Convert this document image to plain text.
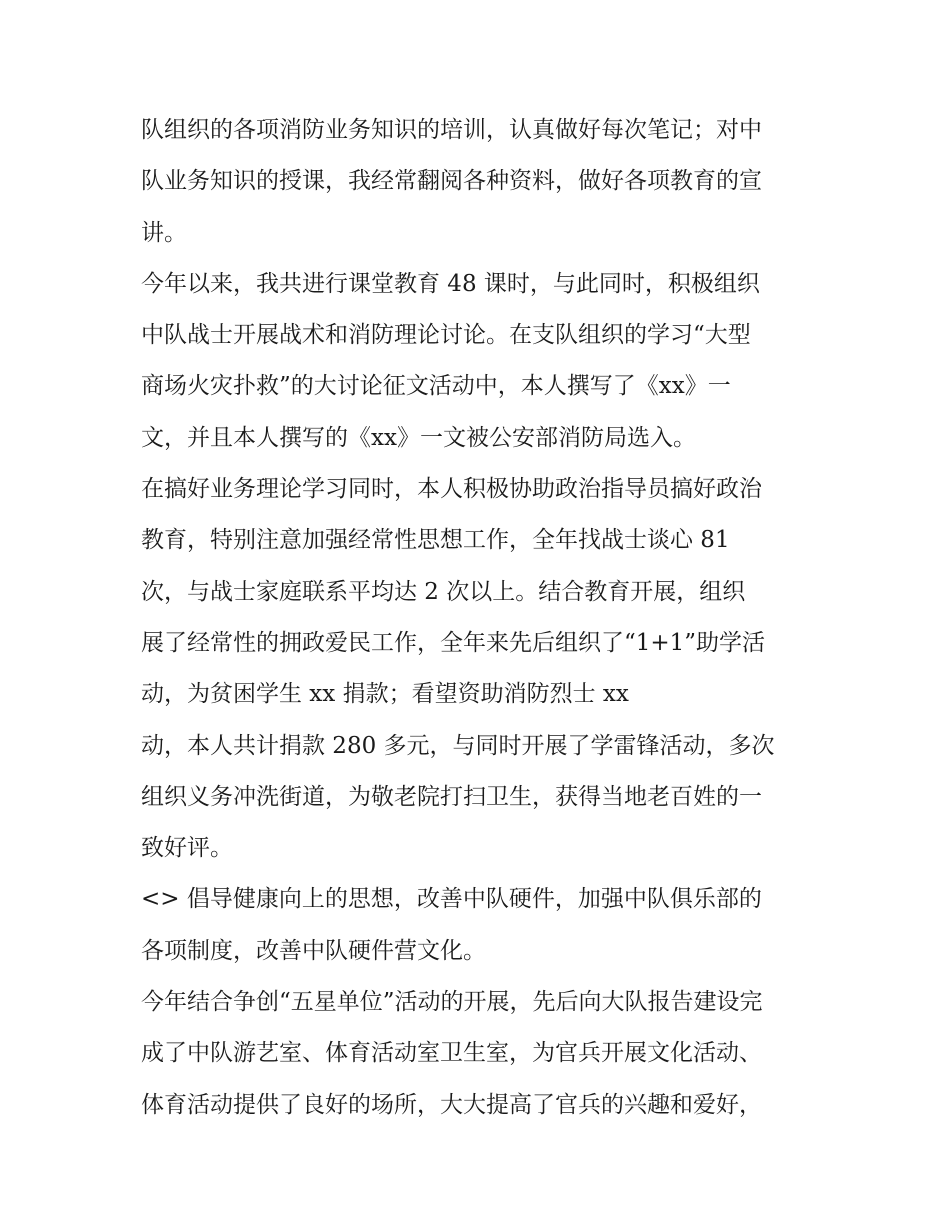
队组织的各项消防业务知识的培训，认真做好每次笔记；对中
队业务知识的授课，我经常翻阅各种资料，做好各项教育的宣
讲。
今年以来，我共进行课堂教育 48 课时，与此同时，积极组织
中队战士开展战术和消防理论讨论。在支队组织的学习“大型
商场火灾扑救”的大讨论征文活动中，本人撰写了《xx》一
文，并且本人撰写的《xx》一文被公安部消防局选入。
在搞好业务理论学习同时，本人积极协助政治指导员搞好政治
教育，特别注意加强经常性思想工作，全年找战士谈心 81
次，与战士家庭联系平均达 2 次以上。结合教育开展，组织
展了经常性的拥政爱民工作，全年来先后组织了“1+1”助学活
动，为贫困学生 xx 捐款；看望资助消防烈士 xx
动，本人共计捐款 280 多元，与同时开展了学雷锋活动，多次
组织义务冲洗街道，为敬老院打扫卫生，获得当地老百姓的一
致好评。
<> 倡导健康向上的思想，改善中队硬件，加强中队俱乐部的
各项制度，改善中队硬件营文化。
今年结合争创“五星单位”活动的开展，先后向大队报告建设完
成了中队游艺室、体育活动室卫生室，为官兵开展文化活动、
体育活动提供了良好的场所，大大提高了官兵的兴趣和爱好，
